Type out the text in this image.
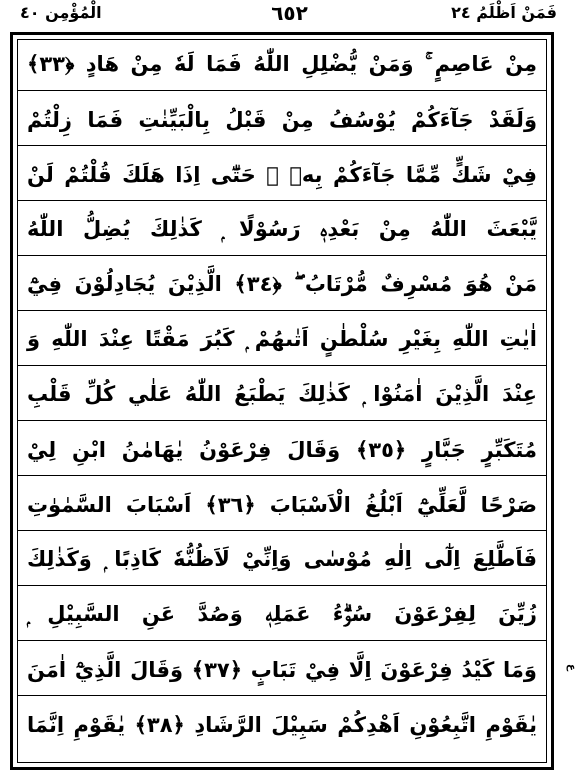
الْمُؤْمِن ٤٠	٦٥٢	فَمَنْ اَظْلَمُ ٢٤
ع
مِنْ عَاصِمٍ ۚ وَمَنْ يُّضْلِلِ اللّٰهُ فَمَا لَهٗ مِنْ هَادٍ ﴿٣٣﴾
وَلَقَدْ جَآءَكُمْ يُوْسُفُ مِنْ قَبْلُ بِالْبَيِّنٰتِ فَمَا زِلْتُمْ
فِيْ شَكٍّ مِّمَّا جَآءَكُمْ بِهٖ ۖ حَتّٰٓى اِذَا هَلَكَ قُلْتُمْ لَنْ
يَّبْعَثَ اللّٰهُ مِنْ بَعْدِهٖ رَسُوْلًا ۭ كَذٰلِكَ يُضِلُّ اللّٰهُ
مَنْ هُوَ مُسْرِفٌ مُّرْتَابُ ۖ ﴿٣٤﴾ الَّذِيْنَ يُجَادِلُوْنَ فِيْٓ
اٰيٰتِ اللّٰهِ بِغَيْرِ سُلْطٰنٍ اَتٰىهُمْ ۭ كَبُرَ مَقْتًا عِنْدَ اللّٰهِ وَ
عِنْدَ الَّذِيْنَ اٰمَنُوْا ۭ كَذٰلِكَ يَطْبَعُ اللّٰهُ عَلٰي كُلِّ قَلْبِ
مُتَكَبِّرٍ جَبَّارٍ ﴿٣٥﴾ وَقَالَ فِرْعَوْنُ يٰهَامٰنُ ابْنِ لِيْ
صَرْحًا لَّعَلِّيْٓ اَبْلُغُ الْاَسْبَابَ ﴿٣٦﴾ اَسْبَابَ السَّمٰوٰتِ
فَاَطَّلِعَ اِلٰٓى اِلٰهِ مُوْسٰى وَاِنِّيْ لَاَظُنُّهٗ كَاذِبًا ۭ وَكَذٰلِكَ
زُيِّنَ لِفِرْعَوْنَ سُوْۗءُ عَمَلِهٖ وَصُدَّ عَنِ السَّبِيْلِ ۭ
وَمَا كَيْدُ فِرْعَوْنَ اِلَّا فِيْ تَبَابٍ ﴿٣٧﴾ وَقَالَ الَّذِيْٓ اٰمَنَ
يٰقَوْمِ اتَّبِعُوْنِ اَهْدِكُمْ سَبِيْلَ الرَّشَادِ ﴿٣٨﴾ يٰقَوْمِ اِنَّمَا
